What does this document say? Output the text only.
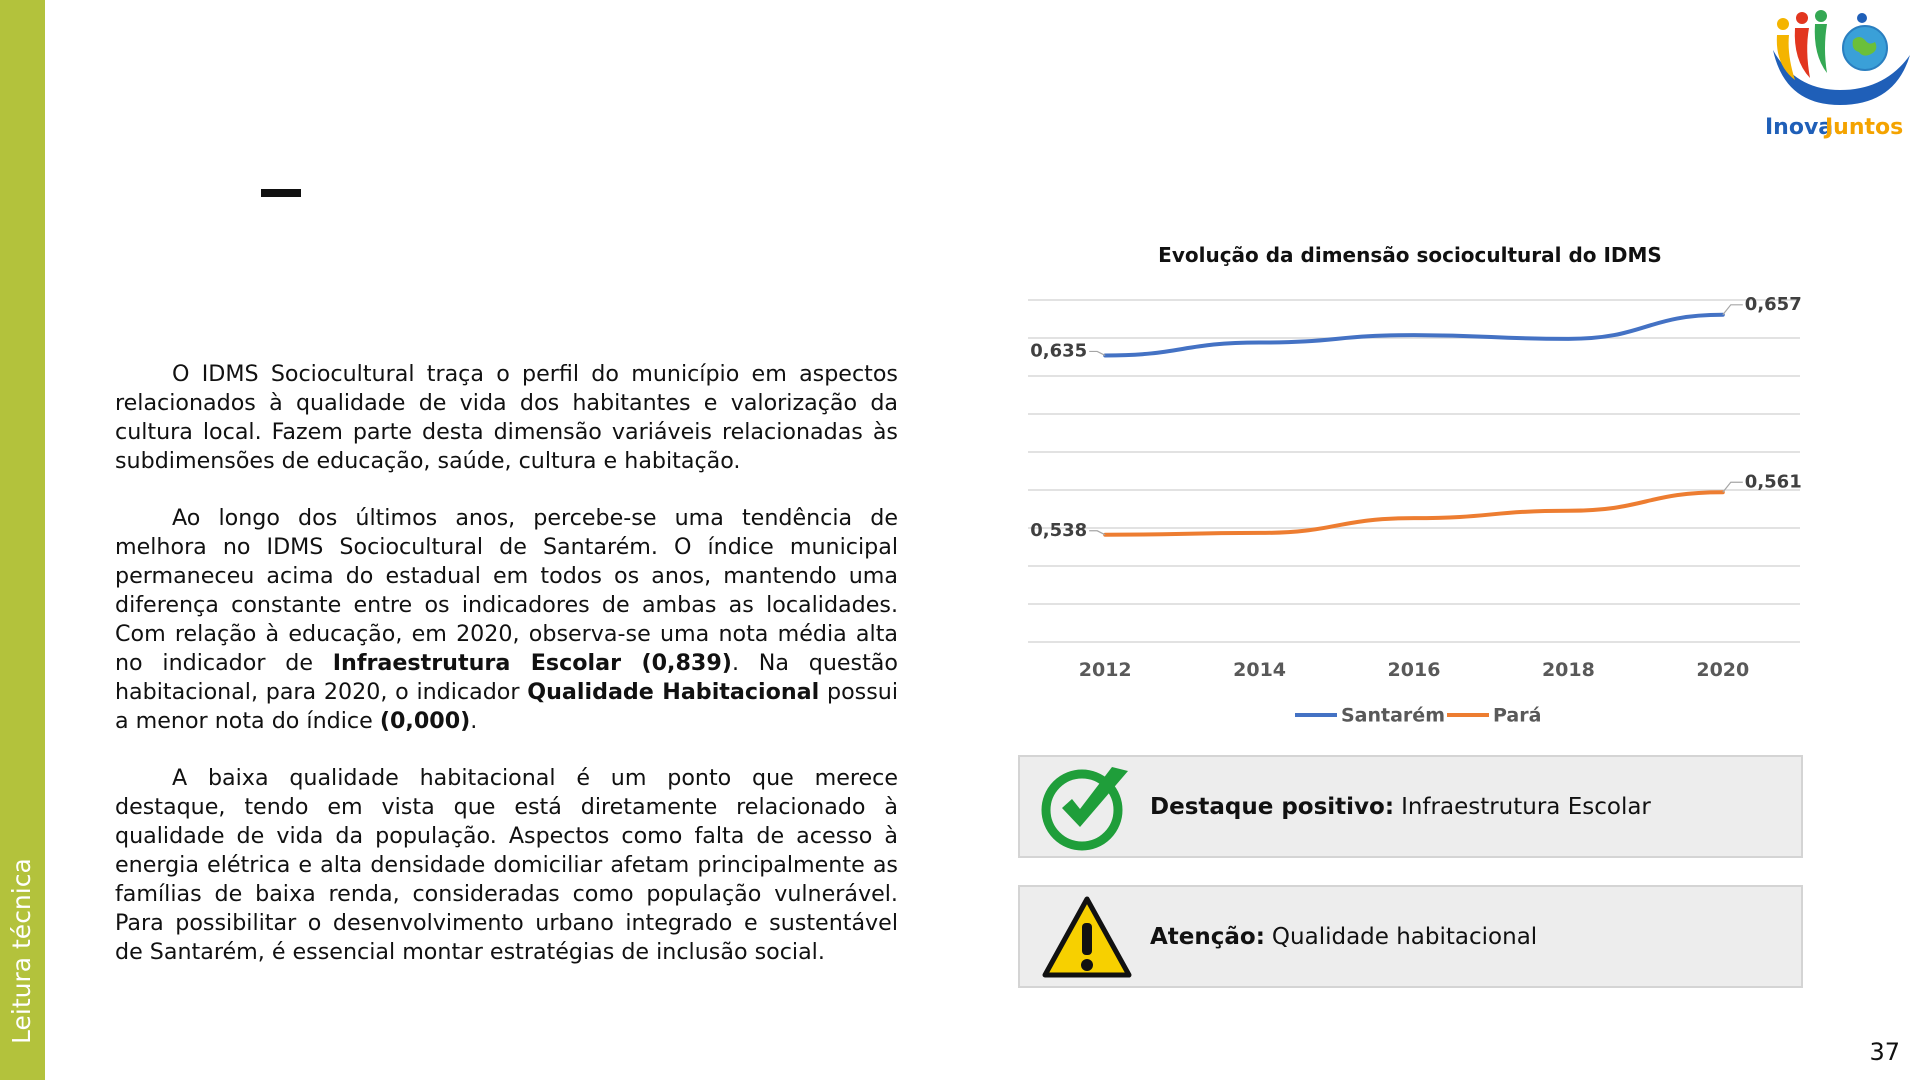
Leitura técnica
Inova
Juntos

O IDMS Sociocultural traça o perfil do município em aspectos relacionados à qualidade de vida dos habitantes e valorização da cultura local. Fazem parte desta dimensão variáveis relacionadas às subdimensões de educação, saúde, cultura e habitação.

Ao longo dos últimos anos, percebe-se uma tendência de melhora no IDMS Sociocultural de Santarém. O índice municipal permaneceu acima do estadual em todos os anos, mantendo uma diferença constante entre os indicadores de ambas as localidades. Com relação à educação, em 2020, observa-se uma nota média alta no indicador de Infraestrutura Escolar (0,839). Na questão habitacional, para 2020, o indicador Qualidade Habitacional possui a menor nota do índice (0,000).

A baixa qualidade habitacional é um ponto que merece destaque, tendo em vista que está diretamente relacionado à qualidade de vida da população. Aspectos como falta de acesso à energia elétrica e alta densidade domiciliar afetam principalmente as famílias de baixa renda, consideradas como população vulnerável. Para possibilitar o desenvolvimento urbano integrado e sustentável de Santarém, é essencial montar estratégias de inclusão social.

Evolução da dimensão sociocultural do IDMS
0,635
0,657
0,538
0,561
2012	2014	2016	2018	2020
Santarém	Pará
Destaque positivo: Infraestrutura Escolar
Atenção: Qualidade habitacional
37
